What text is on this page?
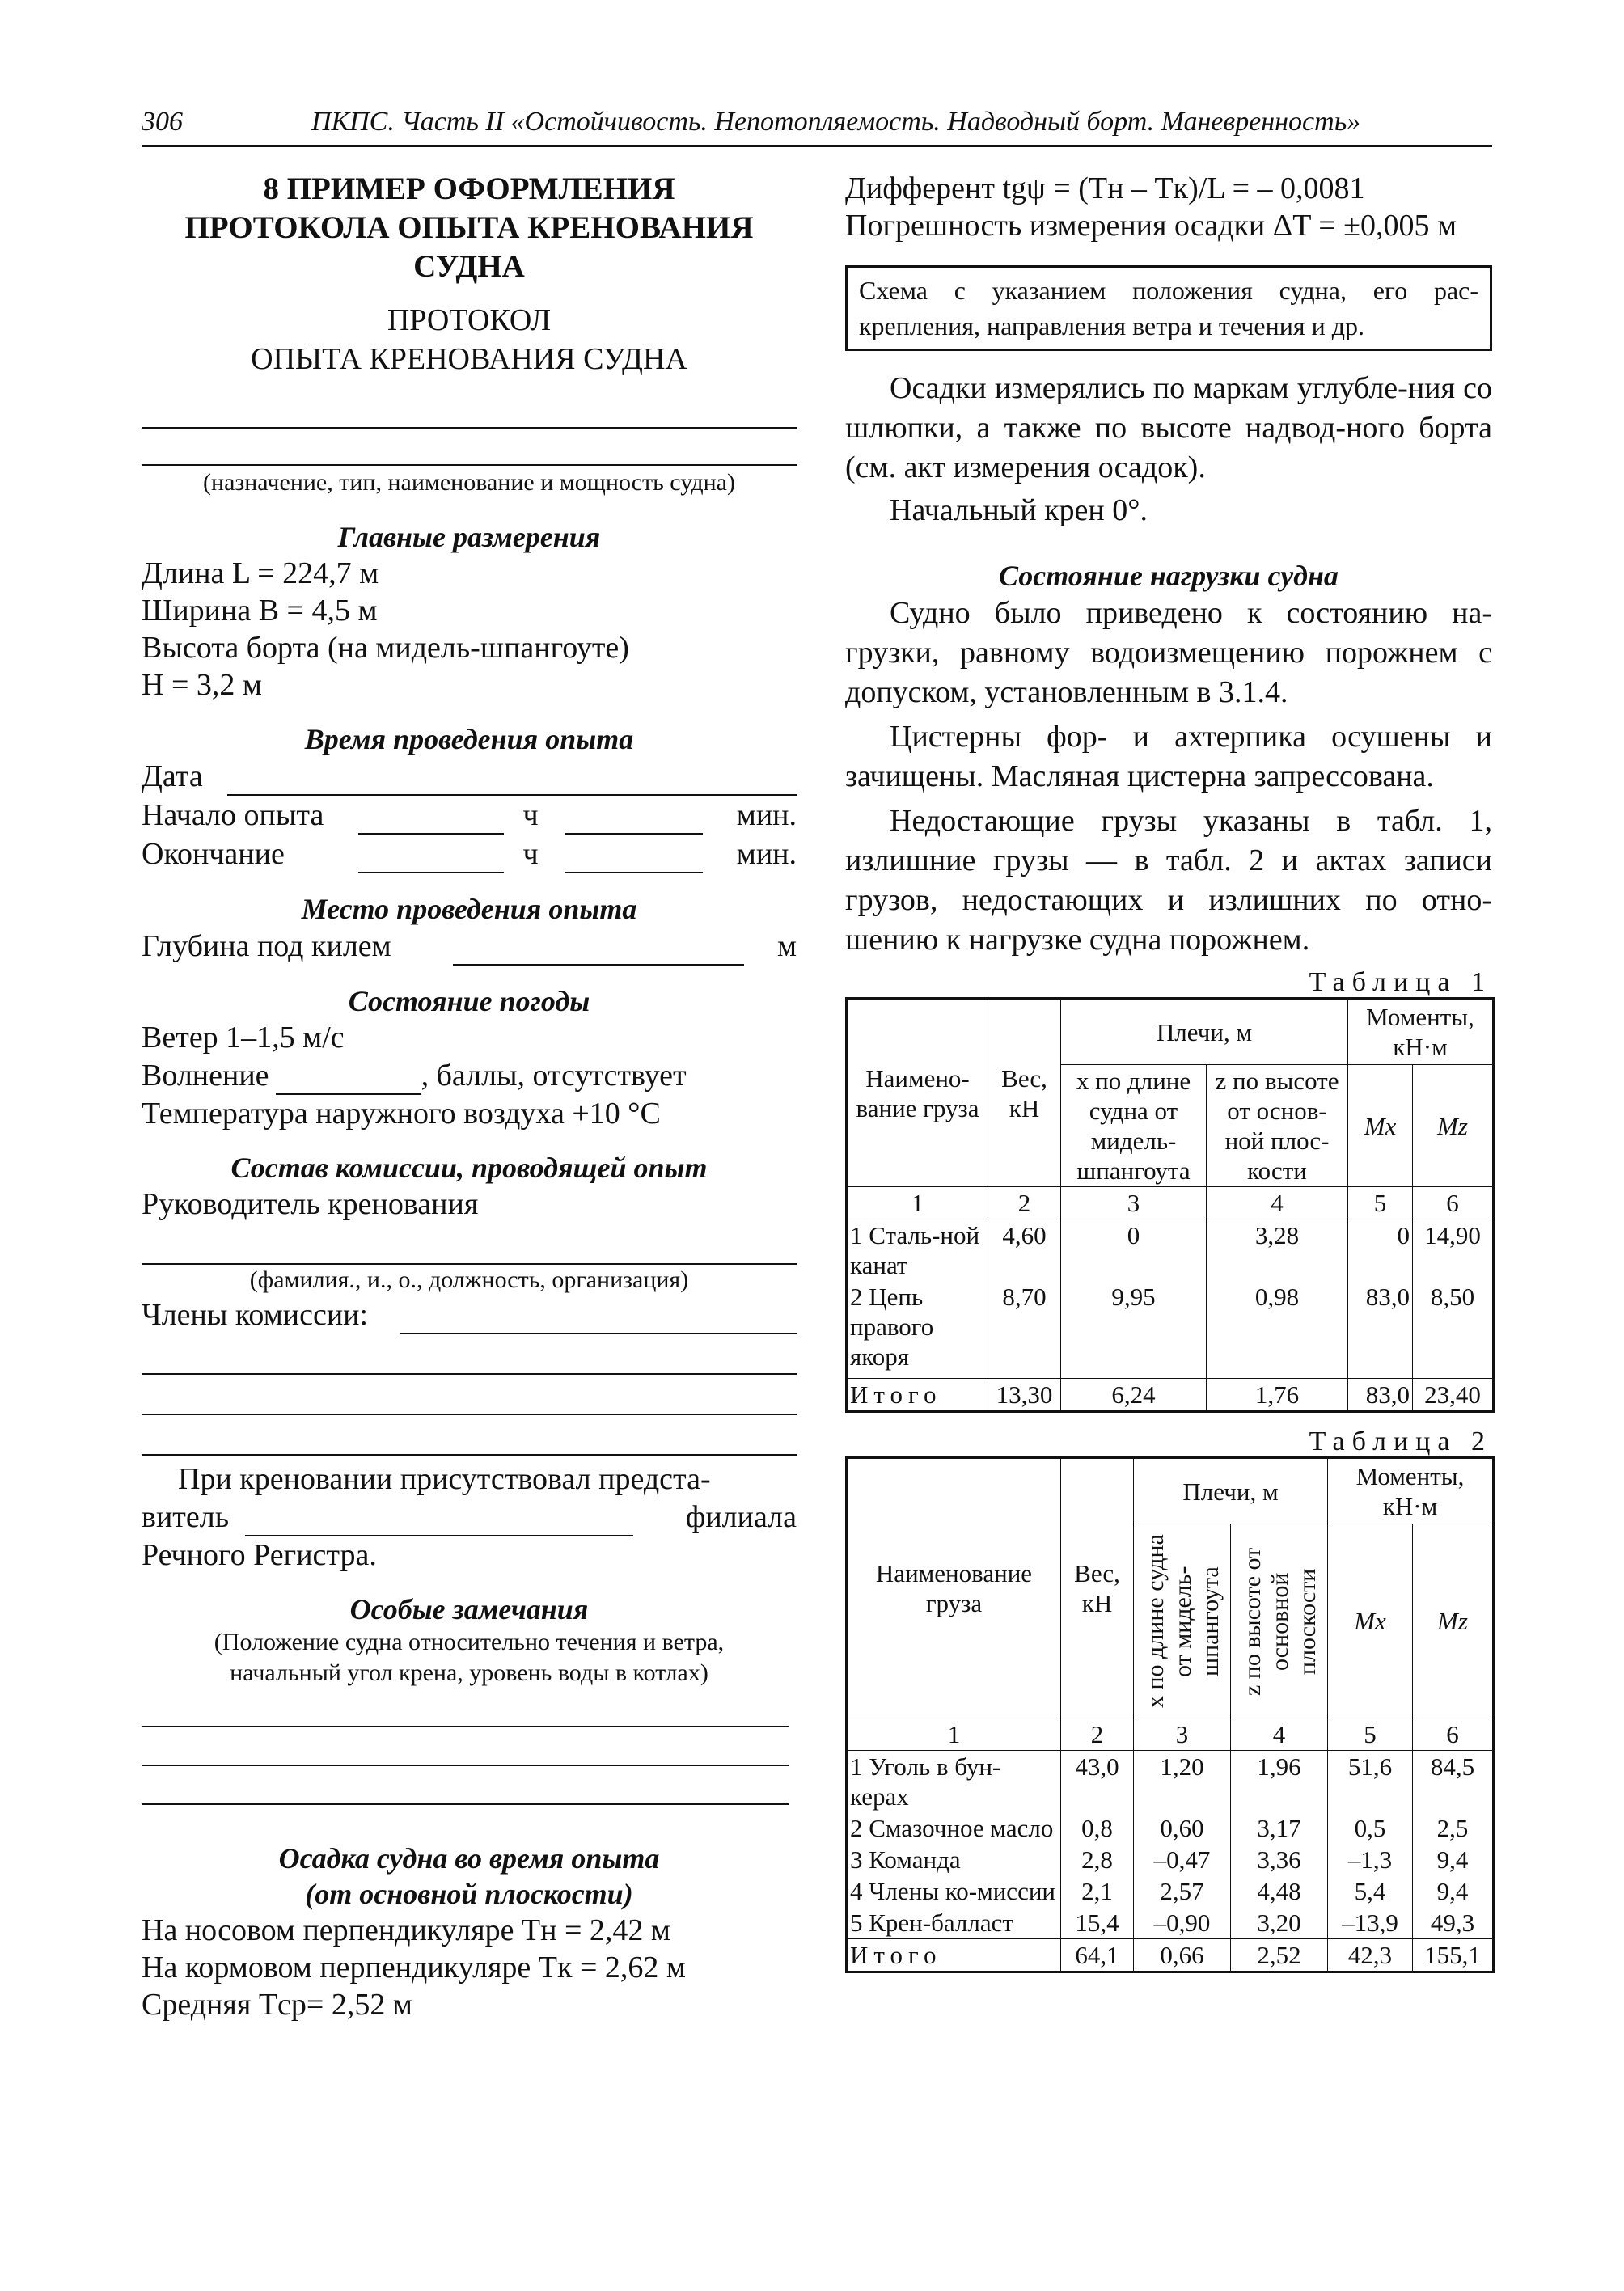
306	ПКПС. Часть II «Остойчивость. Непотопляемость. Надводный борт. Маневренность»
8 ПРИМЕР ОФОРМЛЕНИЯ
ПРОТОКОЛА ОПЫТА КРЕНОВАНИЯ
СУДНА
ПРОТОКОЛ
ОПЫТА КРЕНОВАНИЯ СУДНА
(назначение, тип, наименование и мощность судна)
Главные размерения
Длина L = 224,7 м
Ширина B = 4,5 м
Высота борта (на мидель-шпангоуте)
H = 3,2 м
Время проведения опыта
Дата
Начало опыта	ч	мин.
Окончание	ч	мин.
Место проведения опыта
Глубина под килем	м
Состояние погоды
Ветер 1–1,5 м/с
Волнение	, баллы, отсутствует
Температура наружного воздуха +10 °С
Состав комиссии, проводящей опыт
Руководитель кренования
(фамилия., и., о., должность, организация)
Члены комиссии:
При креновании присутствовал предста-
витель	филиала
Речного Регистра.
Особые замечания
(Положение судна относительно течения и ветра,
начальный угол крена, уровень воды в котлах)
Осадка судна во время опыта
(от основной плоскости)
На носовом перпендикуляре Tн = 2,42 м
На кормовом перпендикуляре Tк = 2,62 м
Средняя Tср= 2,52 м
Дифферент tgψ = (Tн – Tк)/L = – 0,0081
Погрешность измерения осадки ΔT = ±0,005 м
Схема с указанием положения судна, его рас-крепления, направления ветра и течения и др.

Осадки измерялись по маркам углубле-ния со шлюпки, а также по высоте надвод-ного борта (см. акт измерения осадок).

Начальный крен 0°.

Состояние нагрузки судна

Судно было приведено к состоянию на-грузки, равному водоизмещению порожнем с допуском, установленным в 3.1.4.

Цистерны фор- и ахтерпика осушены и зачищены. Масляная цистерна запрессована.

Недостающие грузы указаны в табл. 1, излишние грузы — в табл. 2 и актах записи грузов, недостающих и излишних по отно-шению к нагрузке судна порожнем.

Таблица 1
Наимено-вание груза	Вес, кН	Плечи, м		Моменты, кН·м	
		x по длине судна от мидель-шпангоута	z по высоте от основ-ной плос-кости	Mx	Mz
1	2	3	4	5	6
1 Сталь-ной канат	4,60	0	3,28	0	14,90
2 Цепь правого якоря	8,70	9,95	0,98	83,0	8,50
Итого	13,30	6,24	1,76	83,0	23,40
Таблица 2
Наименование груза	Вес, кН	Плечи, м		Моменты, кН·м	

		x по длине судна от мидель-шпангоута	z по высоте от основной плоскости	Mx	Mz
1	2	3	4	5	6
1 Уголь в бун-керах	43,0	1,20	1,96	51,6	84,5
2 Смазочное масло	0,8	0,60	3,17	0,5	2,5
3 Команда	2,8	–0,47	3,36	–1,3	9,4
4 Члены ко-миссии	2,1	2,57	4,48	5,4	9,4
5 Крен-балласт	15,4	–0,90	3,20	–13,9	49,3
Итого	64,1	0,66	2,52	42,3	155,1
